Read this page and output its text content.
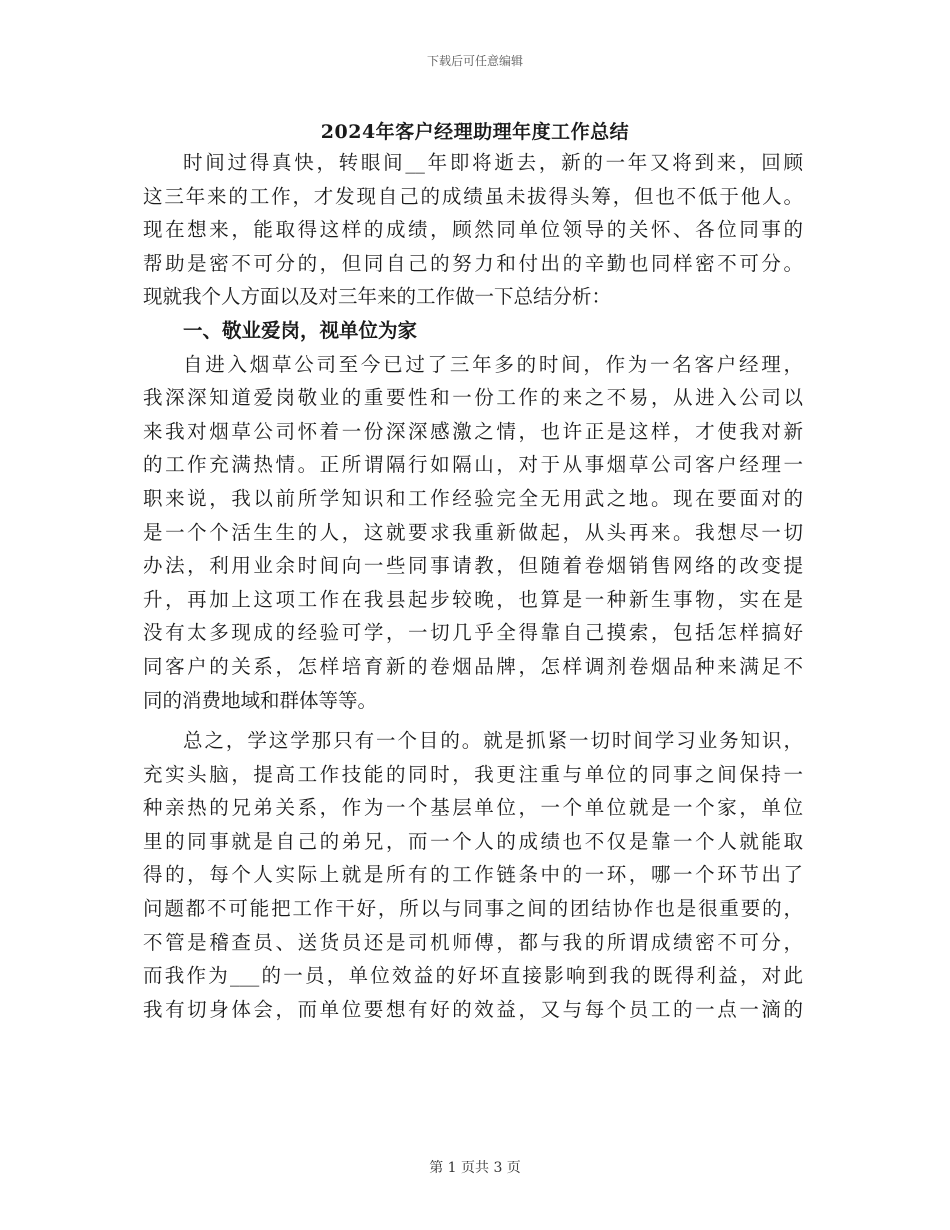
下载后可任意编辑
2024年客户经理助理年度工作总结
时间过得真快，转眼间__年即将逝去，新的一年又将到来，回顾
这三年来的工作，才发现自己的成绩虽未拔得头筹，但也不低于他人。
现在想来，能取得这样的成绩，顾然同单位领导的关怀、各位同事的
帮助是密不可分的，但同自己的努力和付出的辛勤也同样密不可分。
现就我个人方面以及对三年来的工作做一下总结分析：
一、敬业爱岗，视单位为家
自进入烟草公司至今已过了三年多的时间，作为一名客户经理，
我深深知道爱岗敬业的重要性和一份工作的来之不易，从进入公司以
来我对烟草公司怀着一份深深感激之情，也许正是这样，才使我对新
的工作充满热情。正所谓隔行如隔山，对于从事烟草公司客户经理一
职来说，我以前所学知识和工作经验完全无用武之地。现在要面对的
是一个个活生生的人，这就要求我重新做起，从头再来。我想尽一切
办法，利用业余时间向一些同事请教，但随着卷烟销售网络的改变提
升，再加上这项工作在我县起步较晚，也算是一种新生事物，实在是
没有太多现成的经验可学，一切几乎全得靠自己摸索，包括怎样搞好
同客户的关系，怎样培育新的卷烟品牌，怎样调剂卷烟品种来满足不
同的消费地域和群体等等。
总之，学这学那只有一个目的。就是抓紧一切时间学习业务知识，
充实头脑，提高工作技能的同时，我更注重与单位的同事之间保持一
种亲热的兄弟关系，作为一个基层单位，一个单位就是一个家，单位
里的同事就是自己的弟兄，而一个人的成绩也不仅是靠一个人就能取
得的，每个人实际上就是所有的工作链条中的一环，哪一个环节出了
问题都不可能把工作干好，所以与同事之间的团结协作也是很重要的，
不管是稽查员、送货员还是司机师傅，都与我的所谓成绩密不可分，
而我作为___的一员，单位效益的好坏直接影响到我的既得利益，对此
我有切身体会，而单位要想有好的效益，又与每个员工的一点一滴的
第 1 页共 3 页
